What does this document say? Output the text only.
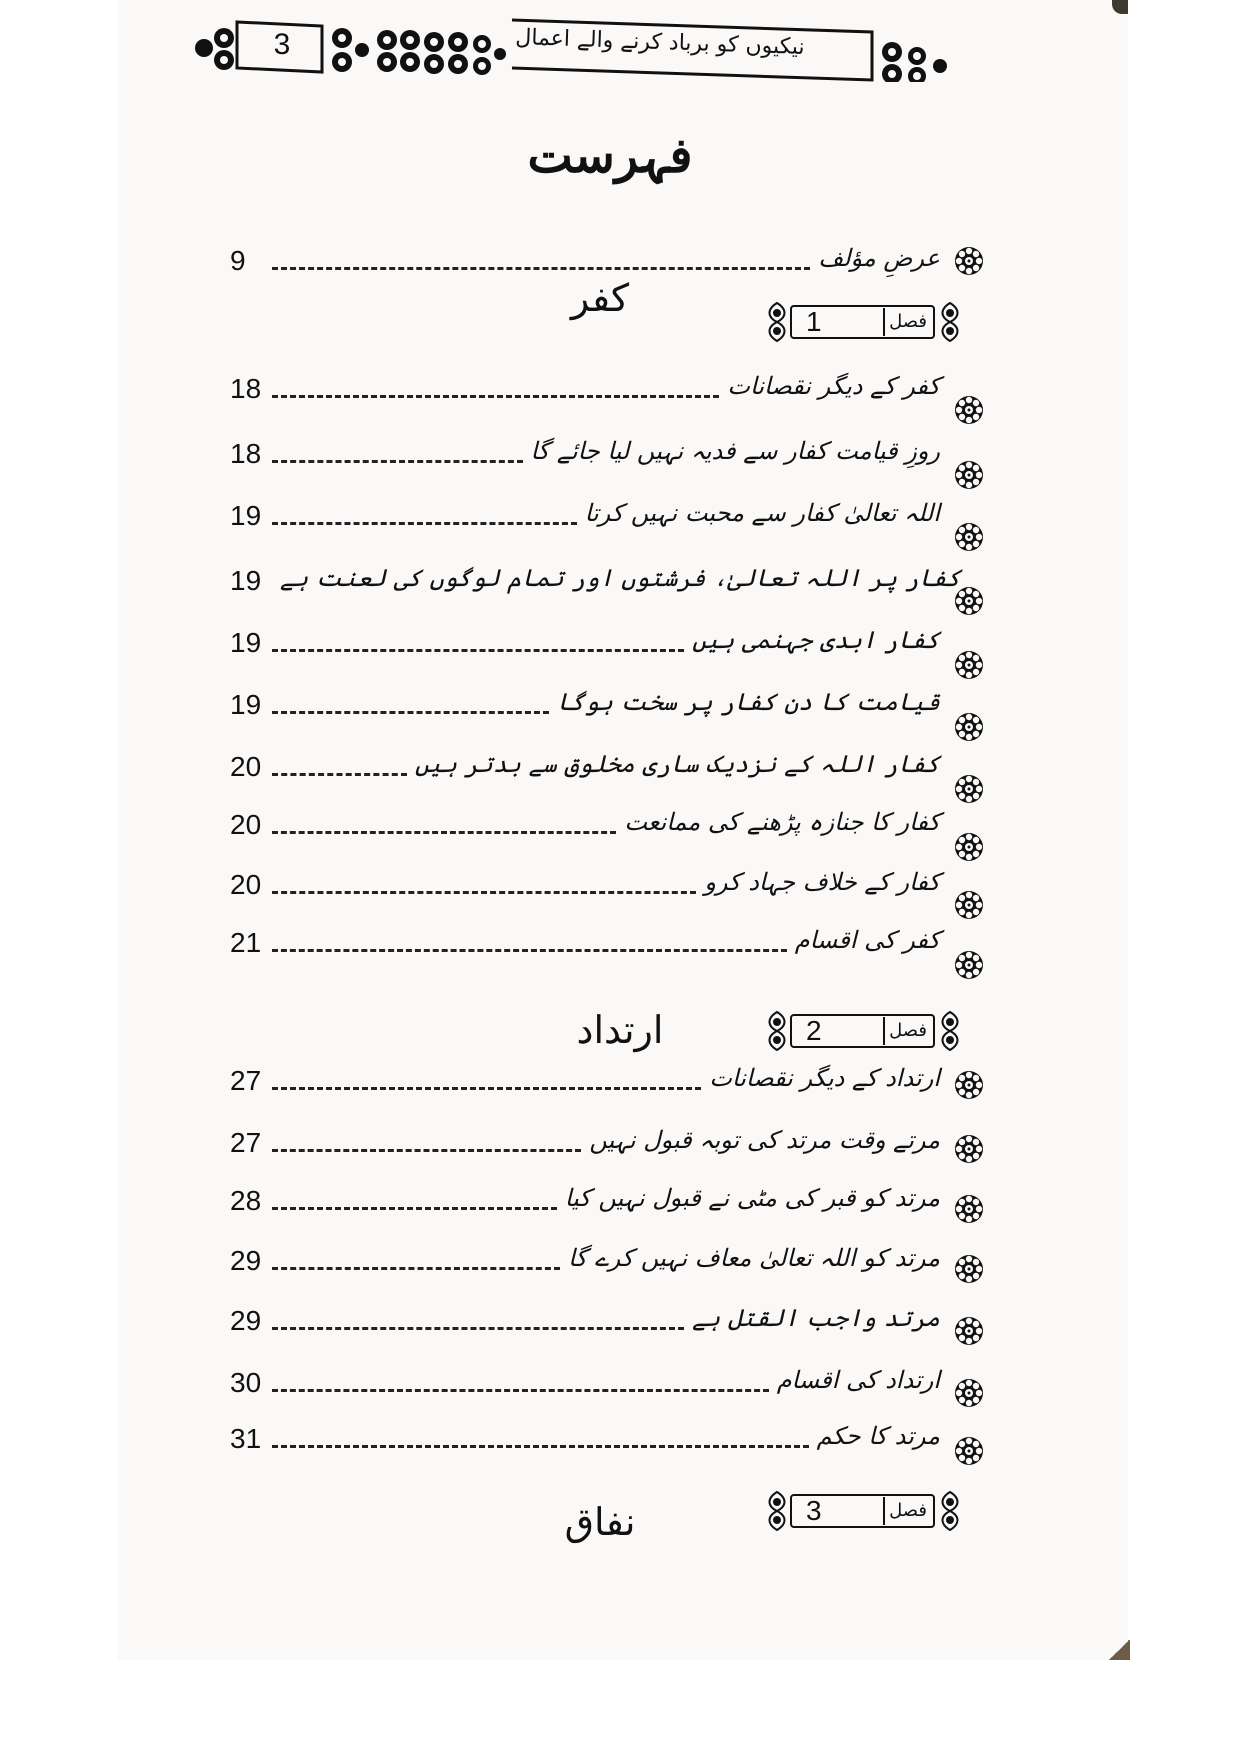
3	نیکیوں کو برباد کرنے والے اعمال
فہرست
9	عرضِ مؤلف
1	فصل
کفر
18	کفر کے دیگر نقصانات
18	روزِ قیامت کفار سے فدیہ نہیں لیا جائے گا
19	اللہ تعالیٰ کفار سے محبت نہیں کرتا
19 کفار پر اللہ تعالیٰ، فرشتوں اور تمام لوگوں کی لعنت ہے
19	کفار ابدی جہنمی ہیں
19	قیامت کا دن کفار پر سخت ہوگا
20	کفار اللہ کے نزدیک ساری مخلوق سے بدتر ہیں
20	کفار کا جنازہ پڑھنے کی ممانعت
20	کفار کے خلاف جہاد کرو
21	کفر کی اقسام
2	فصل
ارتداد
27	ارتداد کے دیگر نقصانات
27	مرتے وقت مرتد کی توبہ قبول نہیں
28	مرتد کو قبر کی مٹی نے قبول نہیں کیا
29	مرتد کو اللہ تعالیٰ معاف نہیں کرے گا
29	مرتد واجب القتل ہے
30	ارتداد کی اقسام
31	مرتد کا حکم
3	فصل
نفاق
